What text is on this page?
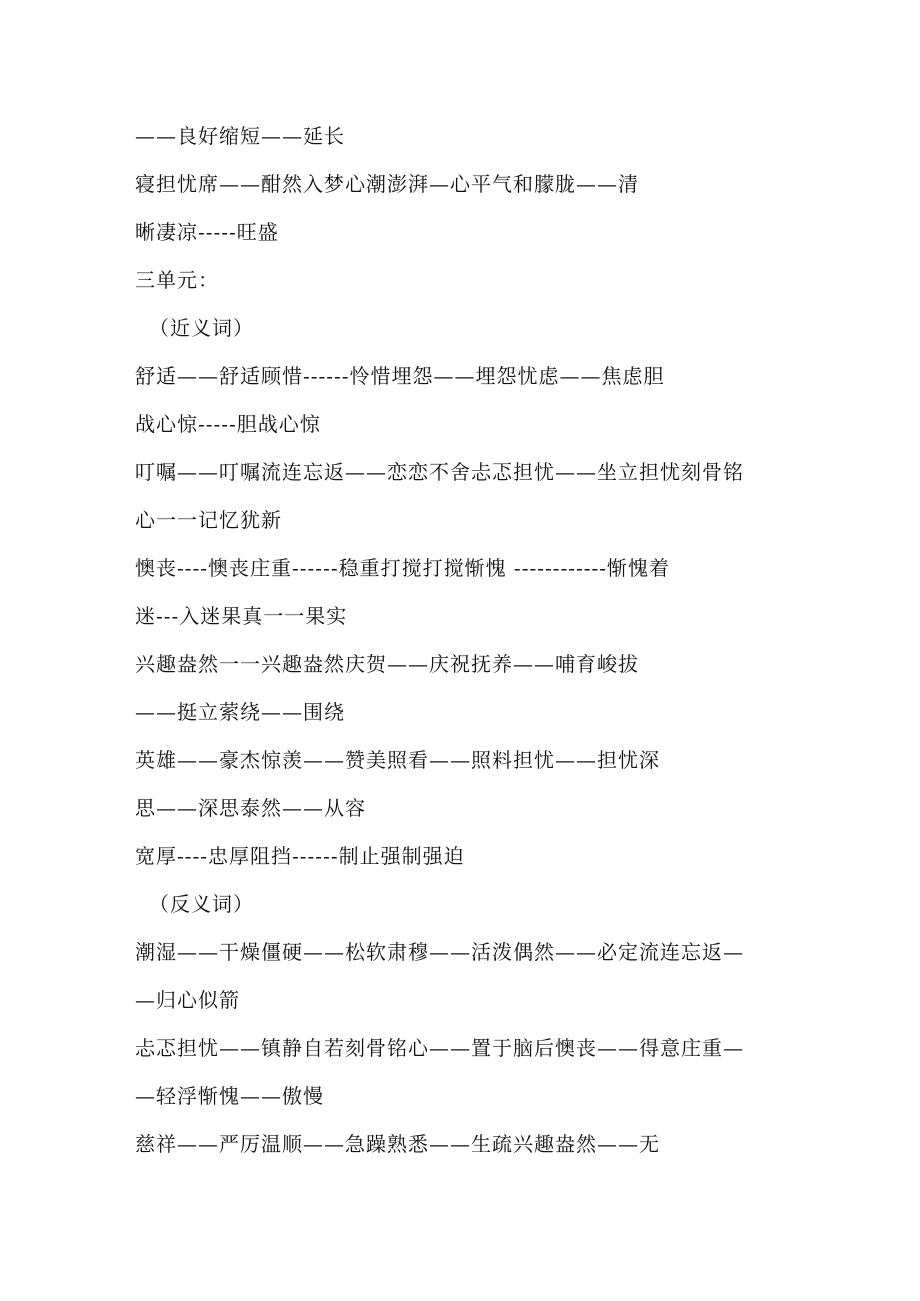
——良好缩短——延长
寝担忧席——酣然入梦心潮澎湃—心平气和朦胧——清
晰凄凉-----旺盛
三单元：
（近义词）
舒适——舒适顾惜------怜惜埋怨——埋怨忧虑——焦虑胆
战心惊-----胆战心惊
叮嘱——叮嘱流连忘返——恋恋不舍忐忑担忧——坐立担忧刻骨铭
心一一记忆犹新
懊丧----懊丧庄重------稳重打搅打搅惭愧 ------------惭愧着
迷---入迷果真一一果实
兴趣盎然一一兴趣盎然庆贺——庆祝抚养——哺育峻拔
——挺立萦绕——围绕
英雄——豪杰惊羡——赞美照看——照料担忧——担忧深
思——深思泰然——从容
宽厚----忠厚阻挡------制止强制强迫
（反义词）
潮湿——干燥僵硬——松软肃穆——活泼偶然——必定流连忘返—
—归心似箭
忐忑担忧——镇静自若刻骨铭心——置于脑后懊丧——得意庄重—
—轻浮惭愧——傲慢
慈祥——严厉温顺——急躁熟悉——生疏兴趣盎然——无
